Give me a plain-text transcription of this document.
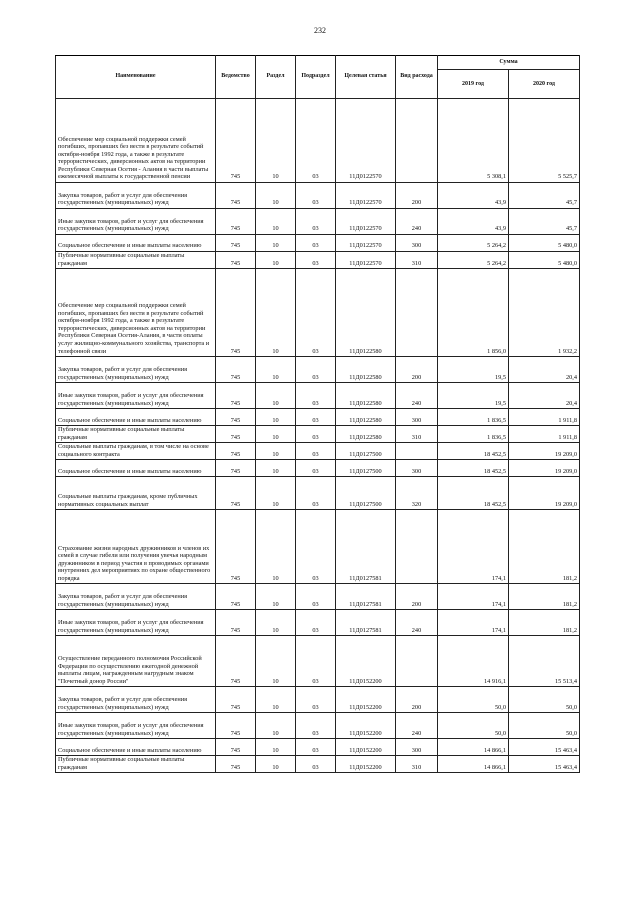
232
Наименование	Ведомство	Раздел	Подраздел	Целевая статья	Вид расхода	Сумма	
						2019 год	2020 год
Обеспечение мер социальной поддержки семей погибших, пропавших без вести в результате событий октября-ноября 1992 года, а также в результате террористических, диверсионных актов на территории Республики Северная Осетия - Алания в части выплаты ежемесячной выплаты к государственной пенсии	745	10	03	11Д0122570		5 308,1	5 525,7
Закупка товаров, работ и услуг для обеспечения государственных (муниципальных) нужд	745	10	03	11Д0122570	200	43,9	45,7
Иные закупки товаров, работ и услуг для обеспечения государственных (муниципальных) нужд	745	10	03	11Д0122570	240	43,9	45,7
Социальное обеспечение и иные выплаты населению	745	10	03	11Д0122570	300	5 264,2	5 480,0
Публичные нормативные социальные выплаты гражданам	745	10	03	11Д0122570	310	5 264,2	5 480,0
Обеспечение мер социальной поддержки семей погибших, пропавших без вести в результате событий октября-ноября 1992 года, а также в результате террористических, диверсионных актов на территории Республики Северная Осетия-Алания, в части оплаты услуг жилищно-коммунального хозяйства, транспорта и телефонной связи	745	10	03	11Д0122580		1 856,0	1 932,2
Закупка товаров, работ и услуг для обеспечения государственных (муниципальных) нужд	745	10	03	11Д0122580	200	19,5	20,4
Иные закупки товаров, работ и услуг для обеспечения государственных (муниципальных) нужд	745	10	03	11Д0122580	240	19,5	20,4
Социальное обеспечение и иные выплаты населению	745	10	03	11Д0122580	300	1 836,5	1 911,8
Публичные нормативные социальные выплаты гражданам	745	10	03	11Д0122580	310	1 836,5	1 911,8
Социальные выплаты гражданам, в том числе на основе социального контракта	745	10	03	11Д0127500		18 452,5	19 209,0
Социальное обеспечение и иные выплаты населению	745	10	03	11Д0127500	300	18 452,5	19 209,0
Социальные выплаты гражданам, кроме публичных нормативных социальных выплат	745	10	03	11Д0127500	320	18 452,5	19 209,0
Страхование жизни народных дружинников и членов их семей в случае гибели или получения увечья народным дружинником в период участия в проводимых органами внутренних дел мероприятиях по охране общественного порядка	745	10	03	11Д0127581		174,1	181,2
Закупка товаров, работ и услуг для обеспечения государственных (муниципальных) нужд	745	10	03	11Д0127581	200	174,1	181,2
Иные закупки товаров, работ и услуг для обеспечения государственных (муниципальных) нужд	745	10	03	11Д0127581	240	174,1	181,2
Осуществление переданного полномочия Российской Федерации по осуществлению ежегодной денежной выплаты лицам, награжденным нагрудным знаком "Почетный донор России"	745	10	03	11Д0152200		14 916,1	15 513,4
Закупка товаров, работ и услуг для обеспечения государственных (муниципальных) нужд	745	10	03	11Д0152200	200	50,0	50,0
Иные закупки товаров, работ и услуг для обеспечения государственных (муниципальных) нужд	745	10	03	11Д0152200	240	50,0	50,0
Социальное обеспечение и иные выплаты населению	745	10	03	11Д0152200	300	14 866,1	15 463,4
Публичные нормативные социальные выплаты гражданам	745	10	03	11Д0152200	310	14 866,1	15 463,4
